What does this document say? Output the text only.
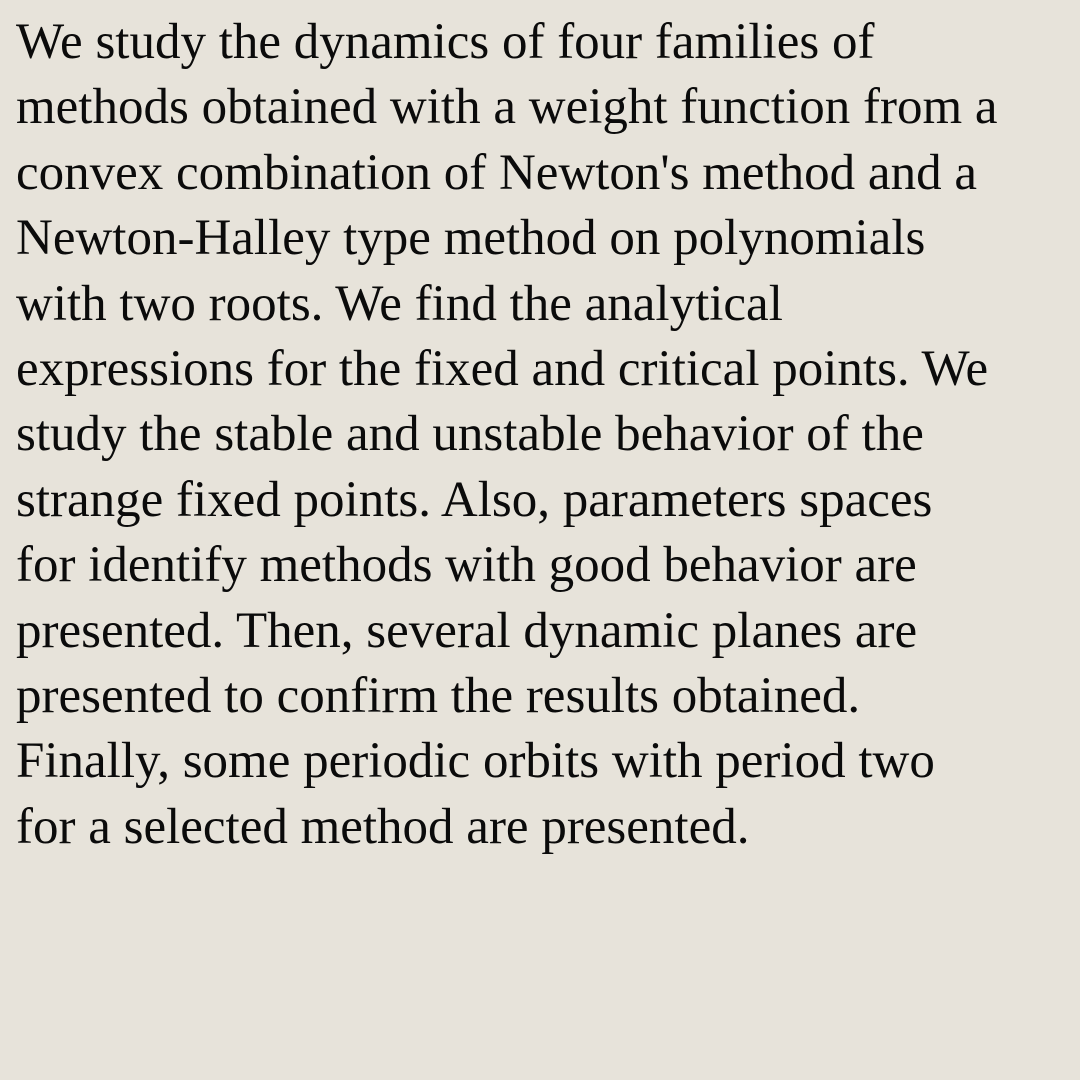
We study the dynamics of four families of
methods obtained with a weight function from a
convex combination of Newton's method and a
Newton-Halley type method on polynomials
with two roots. We find the analytical
expressions for the fixed and critical points. We
study the stable and unstable behavior of the
strange fixed points. Also, parameters spaces
for identify methods with good behavior are
presented. Then, several dynamic planes are
presented to confirm the results obtained.
Finally, some periodic orbits with period two
for a selected method are presented.
